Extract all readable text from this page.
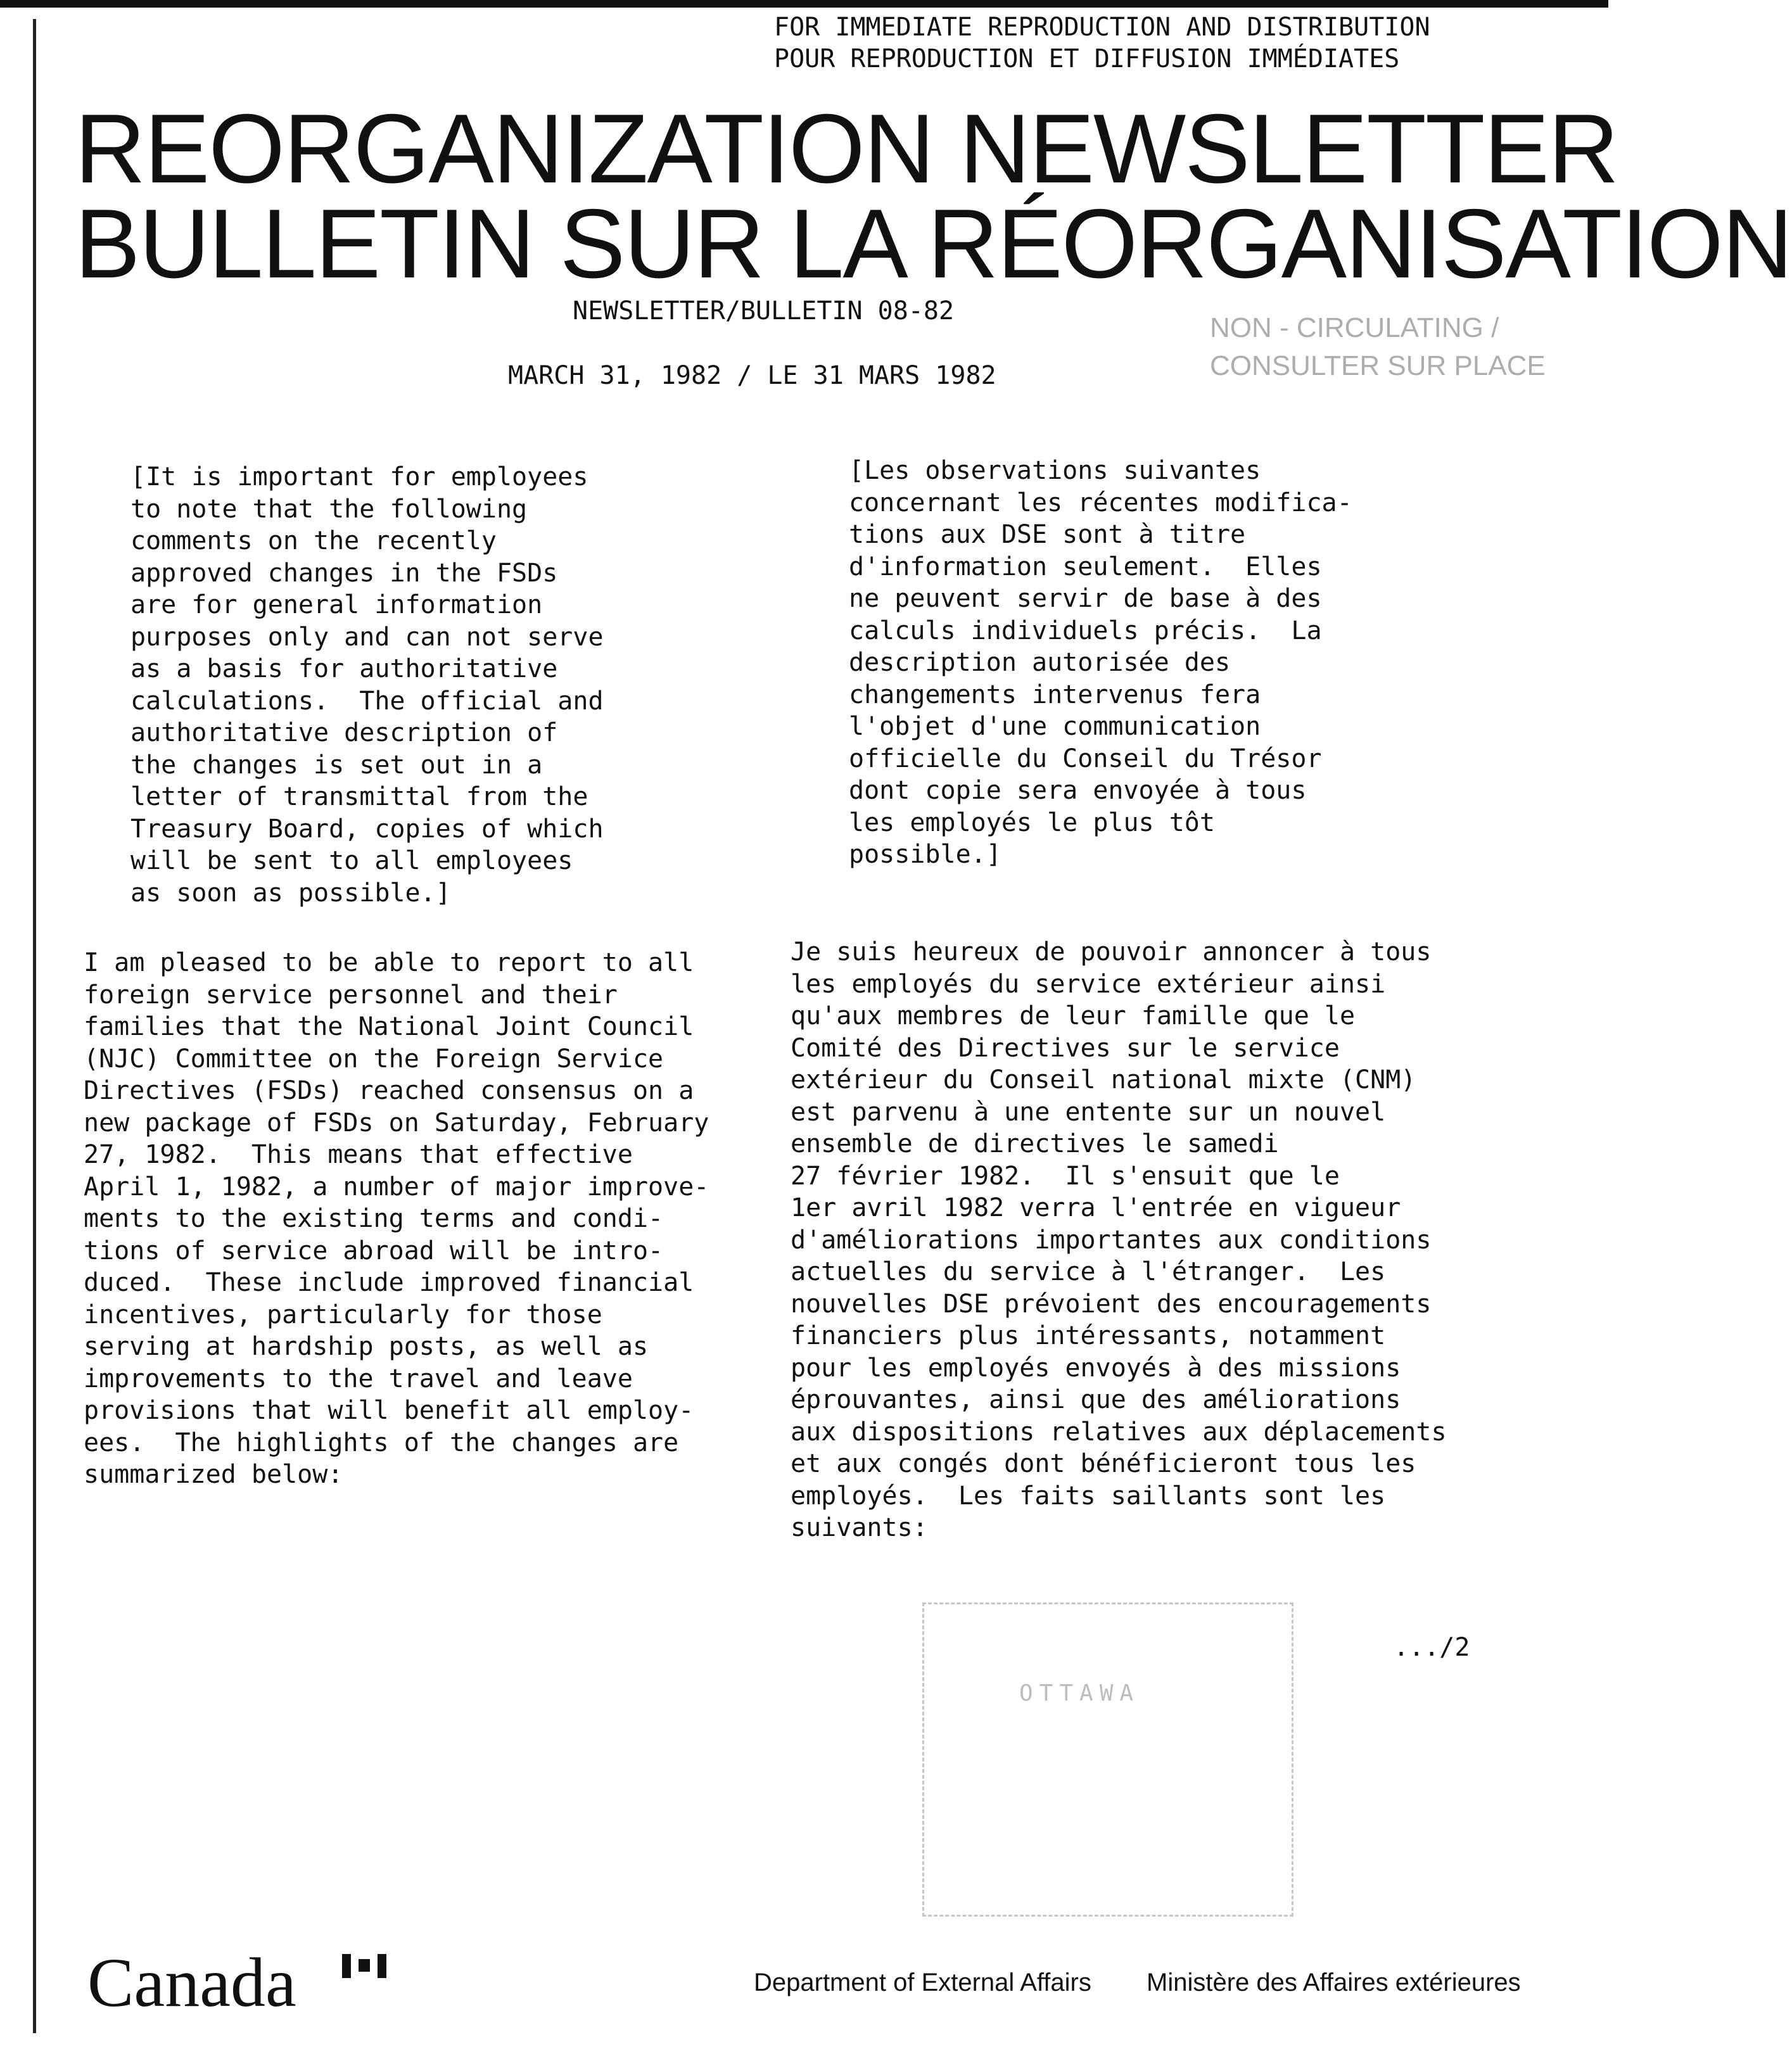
FOR IMMEDIATE REPRODUCTION AND DISTRIBUTION
POUR REPRODUCTION ET DIFFUSION IMMÉDIATES
REORGANIZATION NEWSLETTER
BULLETIN SUR LA RÉORGANISATION
NEWSLETTER/BULLETIN 08-82
MARCH 31, 1982 / LE 31 MARS 1982
NON - CIRCULATING /
CONSULTER SUR PLACE
[It is important for employees
to note that the following
comments on the recently
approved changes in the FSDs
are for general information
purposes only and can not serve
as a basis for authoritative
calculations.  The official and
authoritative description of
the changes is set out in a
letter of transmittal from the
Treasury Board, copies of which
will be sent to all employees
as soon as possible.]
[Les observations suivantes
concernant les récentes modifica-
tions aux DSE sont à titre
d'information seulement.  Elles
ne peuvent servir de base à des
calculs individuels précis.  La
description autorisée des
changements intervenus fera
l'objet d'une communication
officielle du Conseil du Trésor
dont copie sera envoyée à tous
les employés le plus tôt
possible.]
I am pleased to be able to report to all
foreign service personnel and their
families that the National Joint Council
(NJC) Committee on the Foreign Service
Directives (FSDs) reached consensus on a
new package of FSDs on Saturday, February
27, 1982.  This means that effective
April 1, 1982, a number of major improve-
ments to the existing terms and condi-
tions of service abroad will be intro-
duced.  These include improved financial
incentives, particularly for those
serving at hardship posts, as well as
improvements to the travel and leave
provisions that will benefit all employ-
ees.  The highlights of the changes are
summarized below:
Je suis heureux de pouvoir annoncer à tous
les employés du service extérieur ainsi
qu'aux membres de leur famille que le
Comité des Directives sur le service
extérieur du Conseil national mixte (CNM)
est parvenu à une entente sur un nouvel
ensemble de directives le samedi
27 février 1982.  Il s'ensuit que le
1er avril 1982 verra l'entrée en vigueur
d'améliorations importantes aux conditions
actuelles du service à l'étranger.  Les
nouvelles DSE prévoient des encouragements
financiers plus intéressants, notamment
pour les employés envoyés à des missions
éprouvantes, ainsi que des améliorations
aux dispositions relatives aux déplacements
et aux congés dont bénéficieront tous les
employés.  Les faits saillants sont les
suivants:
OTTAWA
.../2
Canada	Department of External Affairs Ministère des Affaires extérieures
